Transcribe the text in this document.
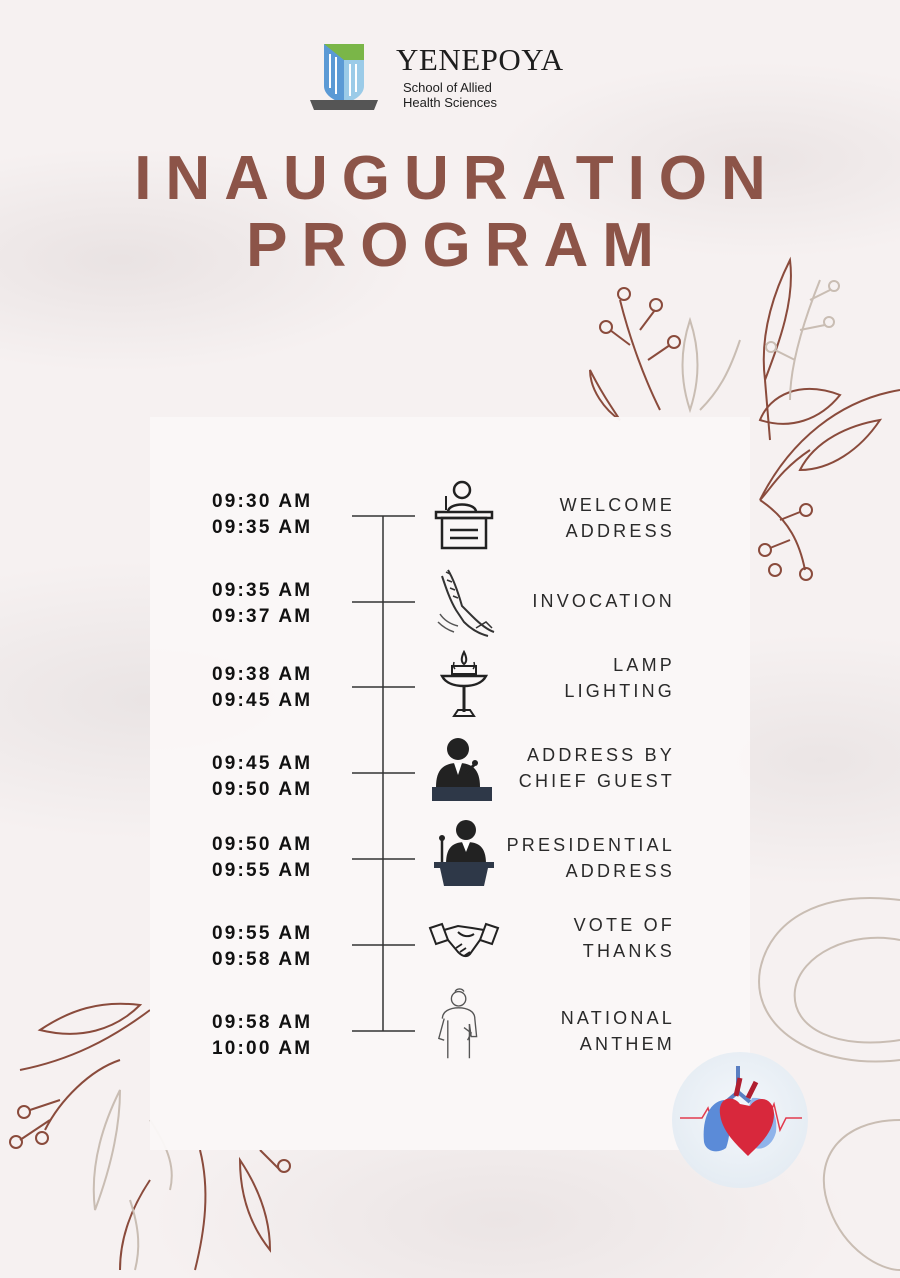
YENEPOYA
School of Allied
Health Sciences
INAUGURATION
PROGRAM
09:30 AM
09:35 AM
WELCOME
ADDRESS
09:35 AM
09:37 AM
INVOCATION
09:38 AM
09:45 AM
LAMP
LIGHTING
09:45 AM
09:50 AM
ADDRESS BY
CHIEF GUEST
09:50 AM
09:55 AM
PRESIDENTIAL
ADDRESS
09:55 AM
09:58 AM
VOTE OF
THANKS
09:58 AM
10:00 AM
NATIONAL
ANTHEM
